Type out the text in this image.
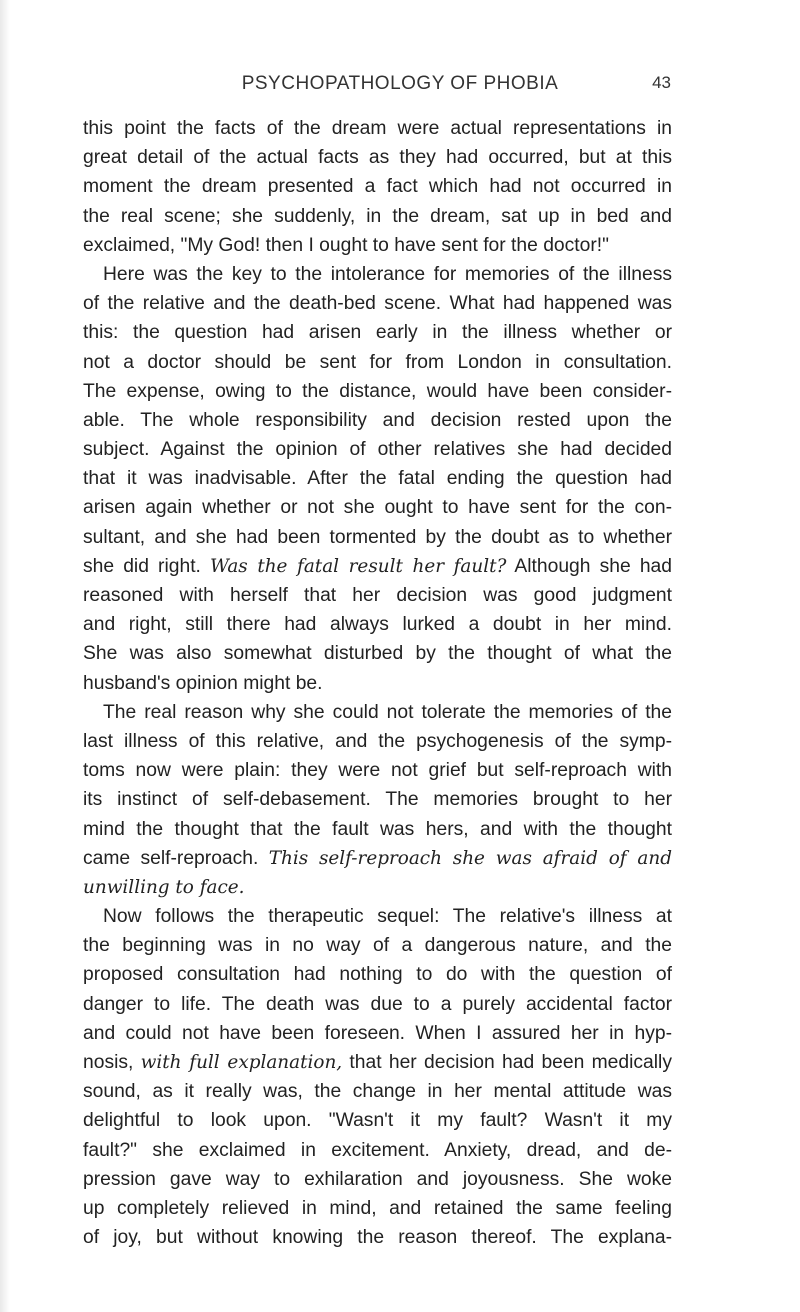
PSYCHOPATHOLOGY OF PHOBIA	43
this point the facts of the dream were actual representations in
great detail of the actual facts as they had occurred, but at this
moment the dream presented a fact which had not occurred in
the real scene; she suddenly, in the dream, sat up in bed and
exclaimed, "My God! then I ought to have sent for the doctor!"
Here was the key to the intolerance for memories of the illness
of the relative and the death-bed scene. What had happened was
this: the question had arisen early in the illness whether or
not a doctor should be sent for from London in consultation.
The expense, owing to the distance, would have been consider-
able. The whole responsibility and decision rested upon the
subject. Against the opinion of other relatives she had decided
that it was inadvisable. After the fatal ending the question had
arisen again whether or not she ought to have sent for the con-
sultant, and she had been tormented by the doubt as to whether
she did right. Was the fatal result her fault? Although she had
reasoned with herself that her decision was good judgment
and right, still there had always lurked a doubt in her mind.
She was also somewhat disturbed by the thought of what the
husband's opinion might be.
The real reason why she could not tolerate the memories of the
last illness of this relative, and the psychogenesis of the symp-
toms now were plain: they were not grief but self-reproach with
its instinct of self-debasement. The memories brought to her
mind the thought that the fault was hers, and with the thought
came self-reproach. This self-reproach she was afraid of and
unwilling to face.
Now follows the therapeutic sequel: The relative's illness at
the beginning was in no way of a dangerous nature, and the
proposed consultation had nothing to do with the question of
danger to life. The death was due to a purely accidental factor
and could not have been foreseen. When I assured her in hyp-
nosis, with full explanation, that her decision had been medically
sound, as it really was, the change in her mental attitude was
delightful to look upon. "Wasn't it my fault? Wasn't it my
fault?" she exclaimed in excitement. Anxiety, dread, and de-
pression gave way to exhilaration and joyousness. She woke
up completely relieved in mind, and retained the same feeling
of joy, but without knowing the reason thereof. The explana-
